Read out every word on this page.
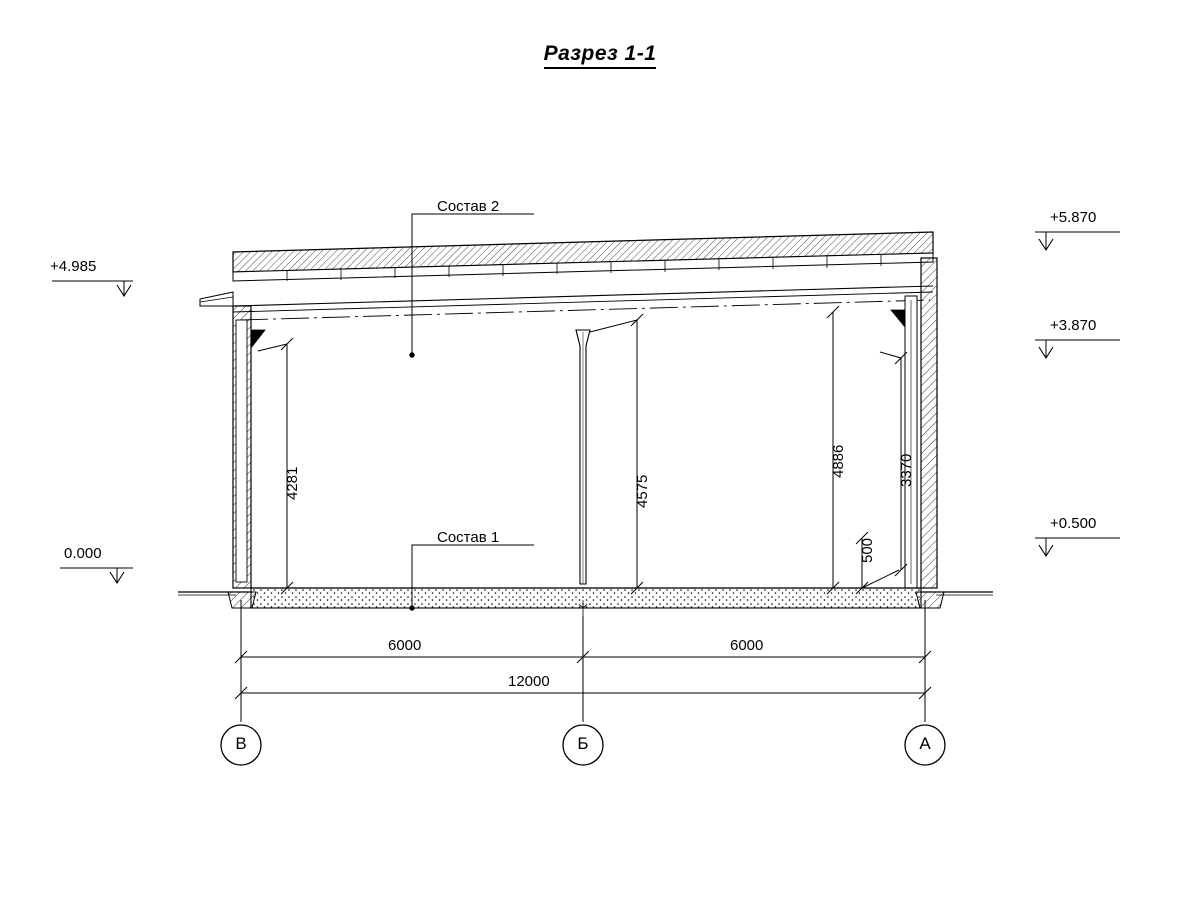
Разрез 1-1
+4.985
0.000
+5.870
+3.870
+0.500
Состав 2
Состав 1
4281	4575
4886	3370
500
6000	6000
12000
В	Б	А
